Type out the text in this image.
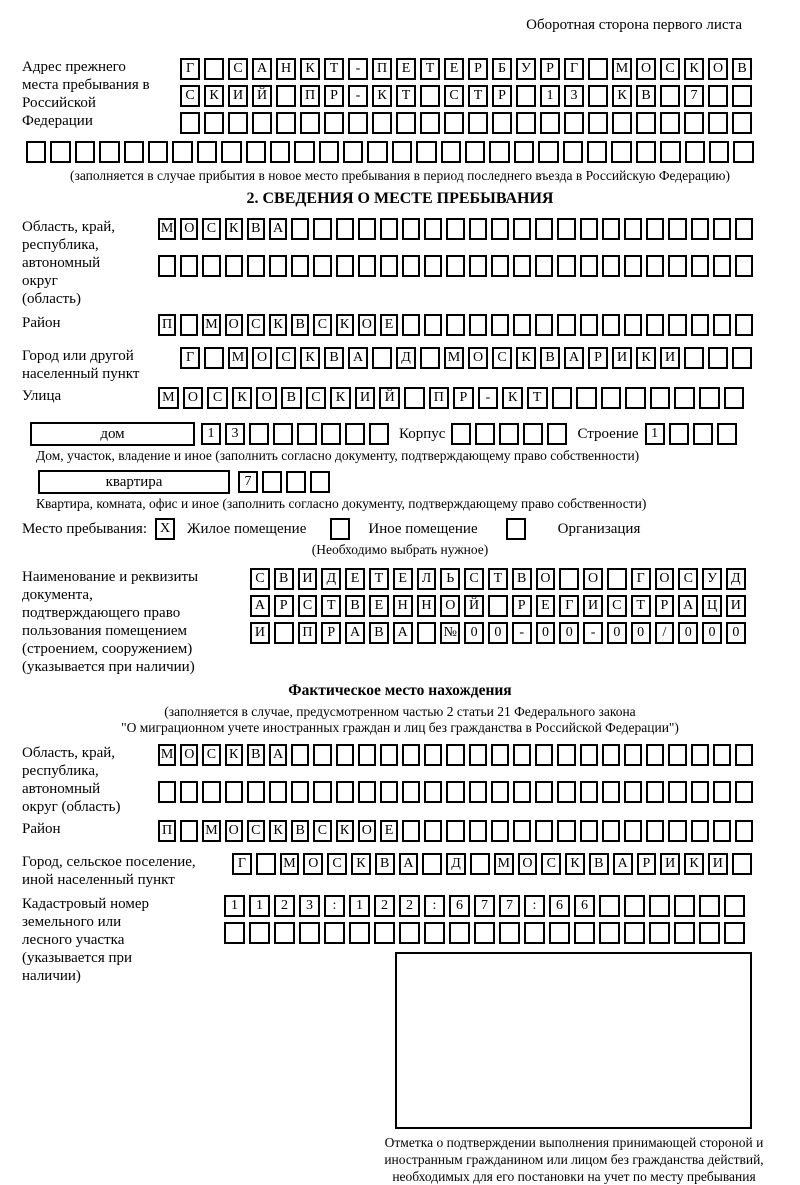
Оборотная сторона первого листа
Адрес прежнего места пребывания в Российской Федерации
Г	С А Н К Т - П Е Т Е Р Б У Р Г	М О С К О В
С К И Й	П Р - К Т	С Т Р	1 3	К В	7
(заполняется в случае прибытия в новое место пребывания в период последнего въезда в Российскую Федерацию)
2. СВЕДЕНИЯ О МЕСТЕ ПРЕБЫВАНИЯ
Область, край, республика, автономный округ (область)
М О С К В А
Район	П М О С К В С К О Е
Город или другой населенный пункт
Г	М О С К В А	Д	М О С К В А Р И К И
Улица	М О С К О В С К И Й	П Р - К Т
дом	1 3	Корпус	Строение 1
Дом, участок, владение и иное (заполнить согласно документу, подтверждающему право собственности)
квартира	7
Квартира, комната, офис и иное (заполнить согласно документу, подтверждающему право собственности)
Место пребывания: X	Жилое помещение	Иное помещение	Организация
(Необходимо выбрать нужное)
Наименование и реквизиты документа, подтверждающего право пользования помещением (строением, сооружением) (указывается при наличии)
С В И Д Е Т Е Л Ь С Т В О	О	Г О С У Д
А Р С Т В Е Н Н О Й	Р Е Г И С Т Р А Ц И
И	П Р А В А	№ 0 0 - 0 0 - 0 0 / 0 0 0
Фактическое место нахождения
(заполняется в случае, предусмотренном частью 2 статьи 21 Федерального закона
"О миграционном учете иностранных граждан и лиц без гражданства в Российской Федерации")
Область, край, республика, автономный округ (область)
М О С К В А
Район	П М О С К В С К О Е
Город, сельское поселение, иной населенный пункт
Г	М О С К В А	Д	М О С К В А Р И К И
Кадастровый номер земельного или лесного участка (указывается при наличии)
1 1 2 3 : 1 2 2 : 6 7 7 : 6 6
Отметка о подтверждении выполнения принимающей стороной и иностранным гражданином или лицом без гражданства действий, необходимых для его постановки на учет по месту пребывания
